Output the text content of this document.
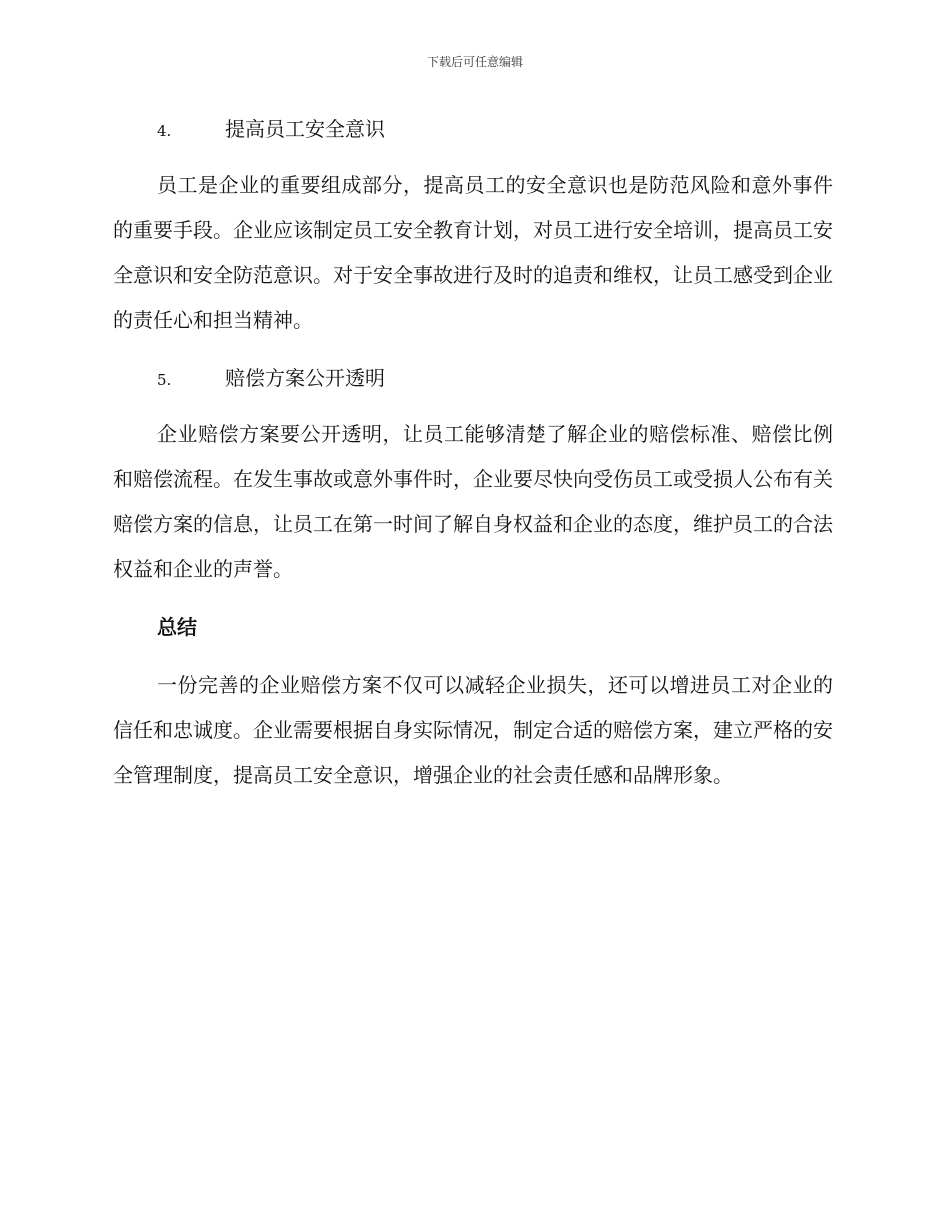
下载后可任意编辑
4.	提高员工安全意识

员工是企业的重要组成部分，提高员工的安全意识也是防范风险和意外事件的重要手段。企业应该制定员工安全教育计划，对员工进行安全培训，提高员工安全意识和安全防范意识。对于安全事故进行及时的追责和维权，让员工感受到企业的责任心和担当精神。

5.	赔偿方案公开透明

企业赔偿方案要公开透明，让员工能够清楚了解企业的赔偿标准、赔偿比例和赔偿流程。在发生事故或意外事件时，企业要尽快向受伤员工或受损人公布有关赔偿方案的信息，让员工在第一时间了解自身权益和企业的态度，维护员工的合法权益和企业的声誉。

总结

一份完善的企业赔偿方案不仅可以减轻企业损失，还可以增进员工对企业的信任和忠诚度。企业需要根据自身实际情况，制定合适的赔偿方案，建立严格的安全管理制度，提高员工安全意识，增强企业的社会责任感和品牌形象。
